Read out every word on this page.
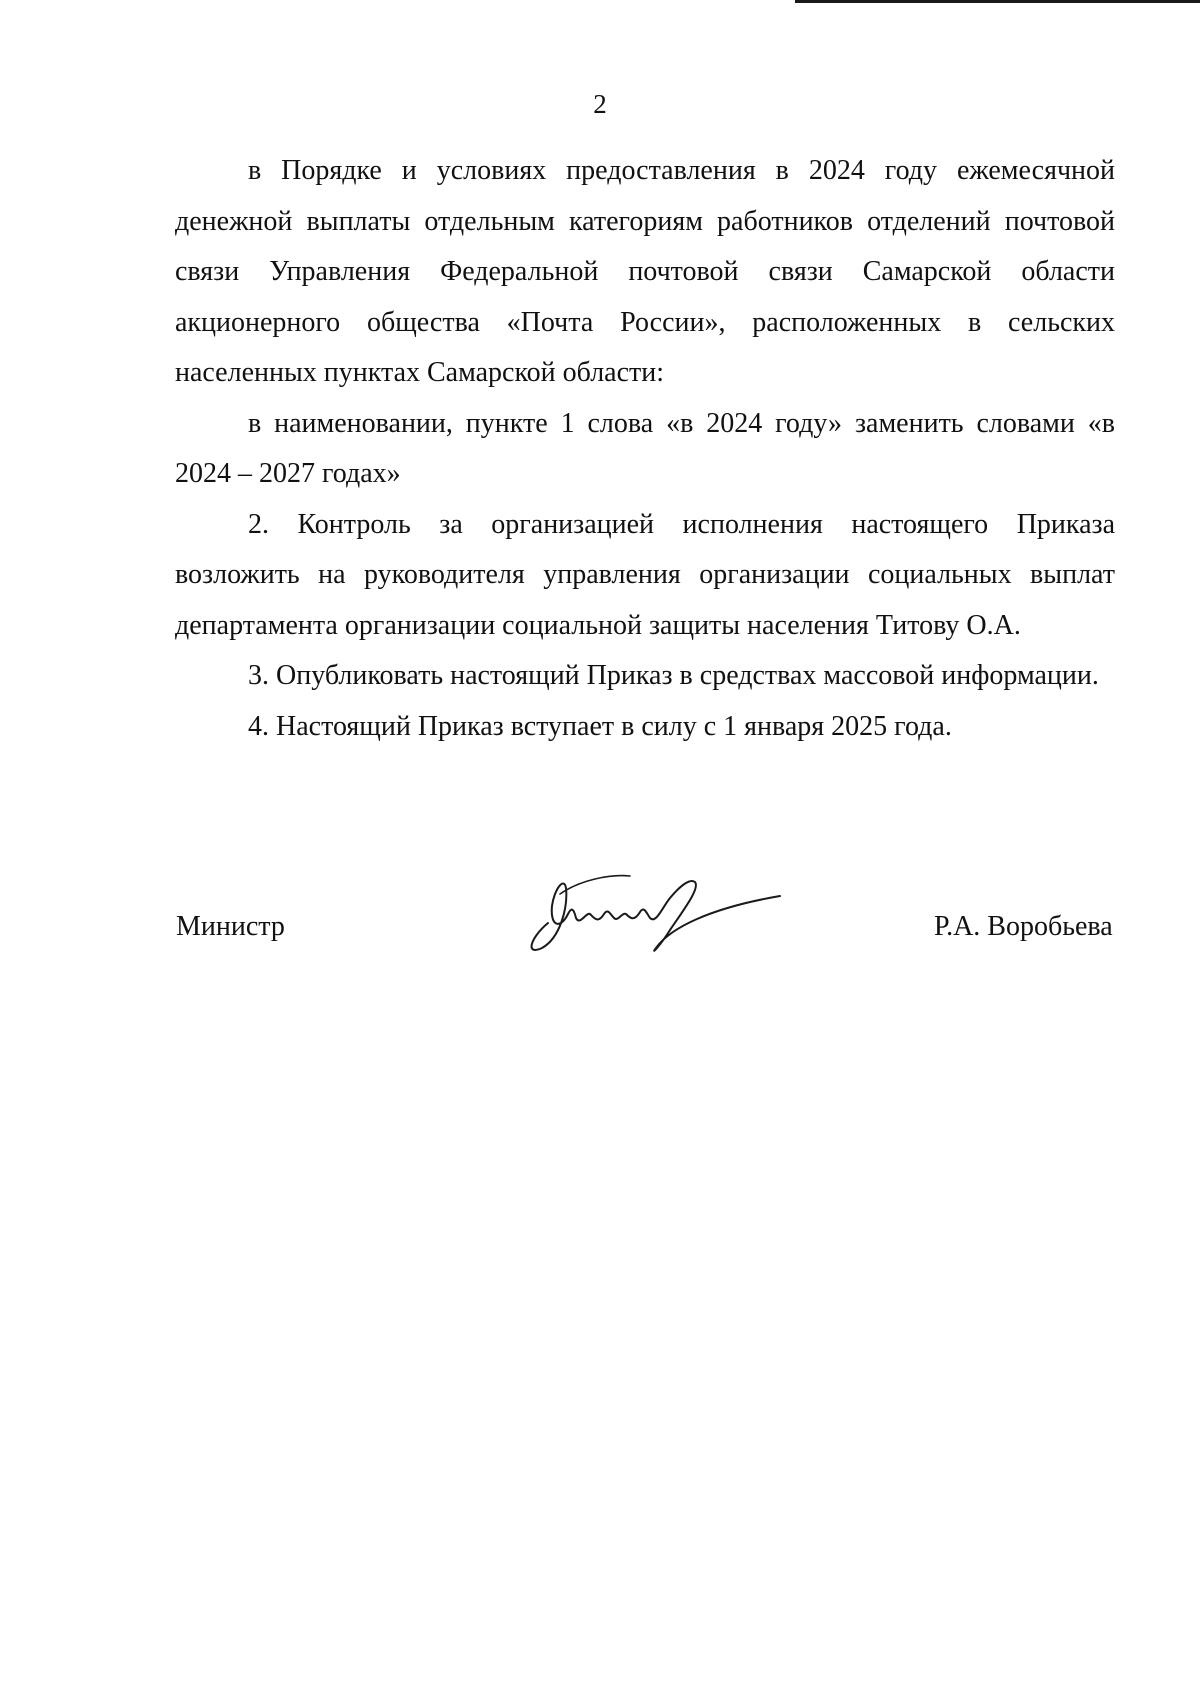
2

в Порядке и условиях предоставления в 2024 году ежемесячной денежной выплаты отдельным категориям работников отделений почтовой связи Управления Федеральной почтовой связи Самарской области акционерного общества «Почта России», расположенных в сельских населенных пунктах Самарской области:

в наименовании, пункте 1 слова «в 2024 году» заменить словами «в 2024 – 2027 годах»

2. Контроль за организацией исполнения настоящего Приказа возложить на руководителя управления организации социальных выплат департамента организации социальной защиты населения Титову О.А.

3. Опубликовать настоящий Приказ в средствах массовой информации.

4. Настоящий Приказ вступает в силу с 1 января 2025 года.

Министр	Р.А. Воробьева
